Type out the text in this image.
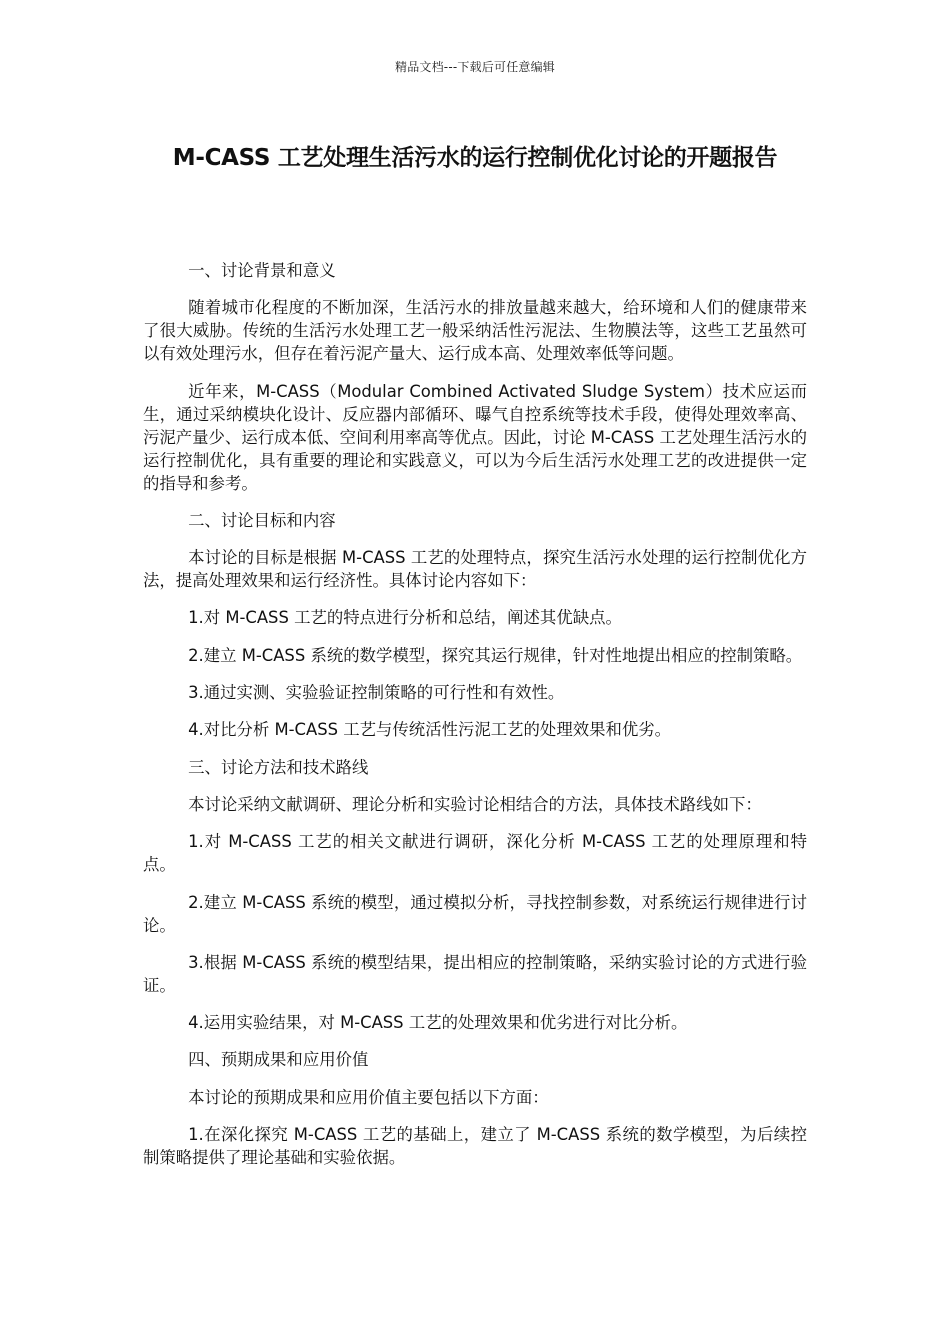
精品文档---下载后可任意编辑
M-CASS 工艺处理生活污水的运行控制优化讨论的开题报告

一、讨论背景和意义

随着城市化程度的不断加深，生活污水的排放量越来越大，给环境和人们的健康带来了很大威胁。传统的生活污水处理工艺一般采纳活性污泥法、生物膜法等，这些工艺虽然可以有效处理污水，但存在着污泥产量大、运行成本高、处理效率低等问题。

近年来，M-CASS（Modular Combined Activated Sludge System）技术应运而生，通过采纳模块化设计、反应器内部循环、曝气自控系统等技术手段，使得处理效率高、污泥产量少、运行成本低、空间利用率高等优点。因此，讨论 M-CASS 工艺处理生活污水的运行控制优化，具有重要的理论和实践意义，可以为今后生活污水处理工艺的改进提供一定的指导和参考。

二、讨论目标和内容

本讨论的目标是根据 M-CASS 工艺的处理特点，探究生活污水处理的运行控制优化方法，提高处理效果和运行经济性。具体讨论内容如下：

1.对 M-CASS 工艺的特点进行分析和总结，阐述其优缺点。

2.建立 M-CASS 系统的数学模型，探究其运行规律，针对性地提出相应的控制策略。

3.通过实测、实验验证控制策略的可行性和有效性。

4.对比分析 M-CASS 工艺与传统活性污泥工艺的处理效果和优劣。

三、讨论方法和技术路线

本讨论采纳文献调研、理论分析和实验讨论相结合的方法，具体技术路线如下：

1.对 M-CASS 工艺的相关文献进行调研，深化分析 M-CASS 工艺的处理原理和特点。

2.建立 M-CASS 系统的模型，通过模拟分析，寻找控制参数，对系统运行规律进行讨论。

3.根据 M-CASS 系统的模型结果，提出相应的控制策略，采纳实验讨论的方式进行验证。

4.运用实验结果，对 M-CASS 工艺的处理效果和优劣进行对比分析。

四、预期成果和应用价值

本讨论的预期成果和应用价值主要包括以下方面：

1.在深化探究 M-CASS 工艺的基础上，建立了 M-CASS 系统的数学模型，为后续控制策略提供了理论基础和实验依据。
